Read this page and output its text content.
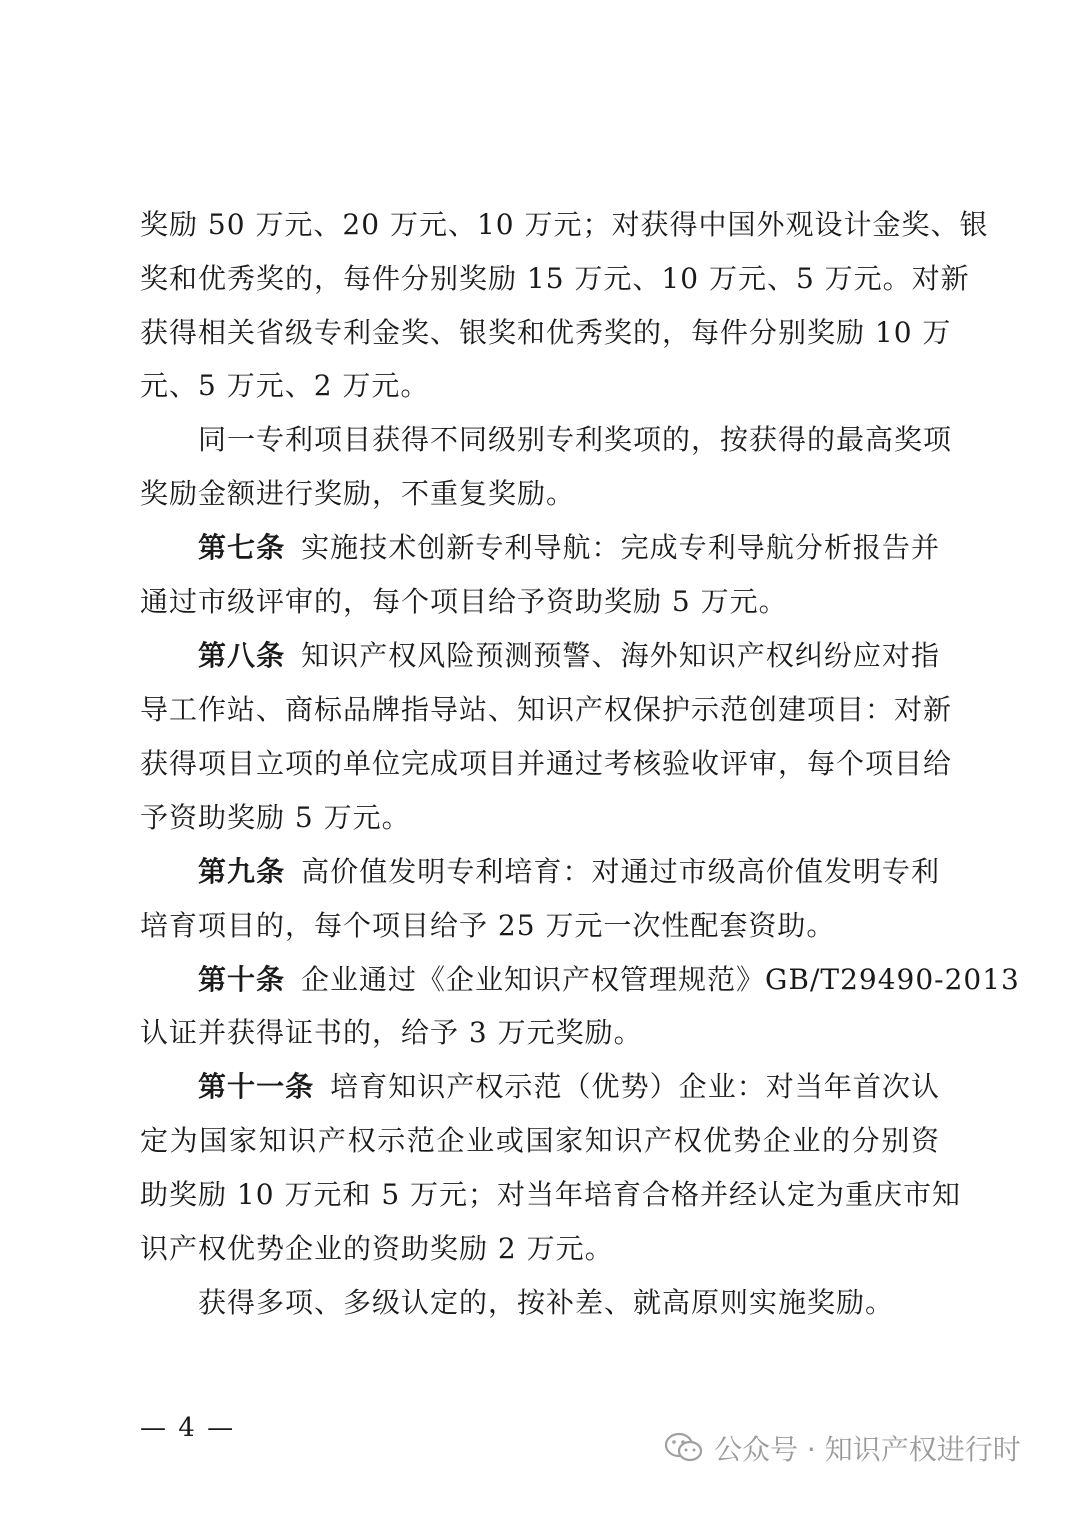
奖励 50 万元、20 万元、10 万元；对获得中国外观设计金奖、银
奖和优秀奖的，每件分别奖励 15 万元、10 万元、5 万元。对新
获得相关省级专利金奖、银奖和优秀奖的，每件分别奖励 10 万
元、5 万元、2 万元。
同一专利项目获得不同级别专利奖项的，按获得的最高奖项
奖励金额进行奖励，不重复奖励。
第七条 实施技术创新专利导航：完成专利导航分析报告并
通过市级评审的，每个项目给予资助奖励 5 万元。
第八条 知识产权风险预测预警、海外知识产权纠纷应对指
导工作站、商标品牌指导站、知识产权保护示范创建项目：对新
获得项目立项的单位完成项目并通过考核验收评审，每个项目给
予资助奖励 5 万元。
第九条 高价值发明专利培育：对通过市级高价值发明专利
培育项目的，每个项目给予 25 万元一次性配套资助。
第十条 企业通过《企业知识产权管理规范》GB/T29490-2013
认证并获得证书的，给予 3 万元奖励。
第十一条 培育知识产权示范（优势）企业：对当年首次认
定为国家知识产权示范企业或国家知识产权优势企业的分别资
助奖励 10 万元和 5 万元；对当年培育合格并经认定为重庆市知
识产权优势企业的资助奖励 2 万元。
获得多项、多级认定的，按补差、就高原则实施奖励。
— 4 —
公众号 · 知识产权进行时
